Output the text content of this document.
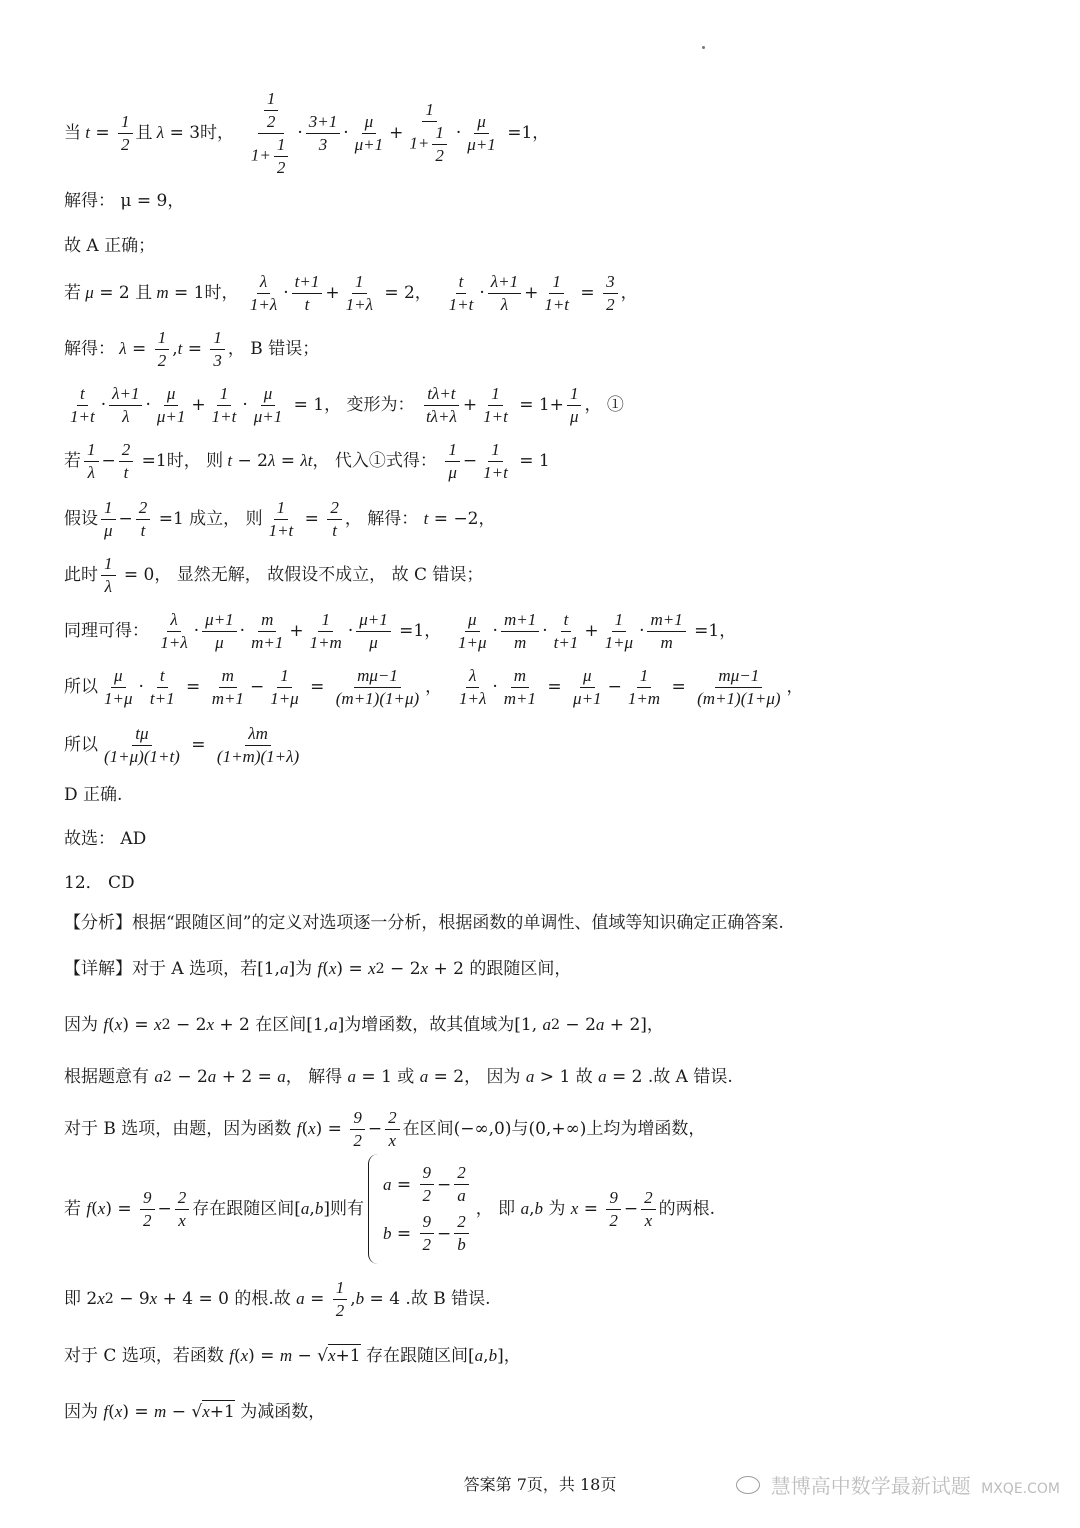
当 $t = \frac{1}{2}$ 且 λ = 3时， $\frac{\frac{1}{2}}{1+ \frac{1}{2}} \cdot \frac{3+1}{3} \cdot \frac{\mu}{\mu+1} + \frac{1}{1+ \frac{1}{2}} \cdot \frac{\mu}{\mu+1} =1$，
解得： μ = 9，
故 A 正确；
若 μ = 2 且 m = 1时， $\frac{\lambda}{1+\lambda} \cdot \frac{t+1}{t} + \frac{1}{1+\lambda} = 2$， $\frac{t}{1+t} \cdot \frac{\lambda+1}{\lambda} + \frac{1}{1+t} = \frac{3}{2}$ ，
解得： $\lambda = \frac{1}{2}$ , $t = \frac{1}{3}$ ， B 错误；
$\frac{t}{1+t} \cdot \frac{\lambda+1}{\lambda} \cdot \frac{\mu}{\mu+1} + \frac{1}{1+t} \cdot \frac{\mu}{\mu+1} = 1$， 变形为： $\frac{t\lambda+t}{t\lambda+\lambda} + \frac{1}{1+t} = 1+ \frac{1}{\mu}$ ， ①
若 $\frac{1}{\lambda} - \frac{2}{t} =1$时， 则 t − 2 λ = λt ， 代入①式得： $\frac{1}{\mu} - \frac{1}{1+t} = 1$
假设 $\frac{1}{\mu} - \frac{2}{t} =1$ 成立， 则 $\frac{1}{1+t} = \frac{2}{t}$ ， 解得： t = −2，
此时 $\frac{1}{\lambda} = 0$， 显然无解， 故假设不成立， 故 C 错误；
同理可得： $\frac{\lambda}{1+\lambda} \cdot \frac{\mu+1}{\mu} \cdot \frac{m}{m+1} + \frac{1}{1+m} \cdot \frac{\mu+1}{\mu} =1$， $\frac{\mu}{1+\mu} \cdot \frac{m+1}{m} \cdot \frac{t}{t+1} + \frac{1}{1+\mu} \cdot \frac{m+1}{m} =1$，
所以 $\frac{\mu}{1+\mu} \cdot \frac{t}{t+1} = \frac{m}{m+1} - \frac{1}{1+\mu} = \frac{m\mu-1}{(m+1)(1+\mu)}$ ， $\frac{\lambda}{1+\lambda} \cdot \frac{m}{m+1} = \frac{\mu}{\mu+1} - \frac{1}{1+m} = \frac{m\mu-1}{(m+1)(1+\mu)}$ ，
所以 $\frac{t\mu}{(1+\mu)(1+t)} = \frac{\lambda m}{(1+m)(1+\lambda)}$
D 正确.
故选： AD
12． CD
【分析】根据“跟随区间”的定义对选项逐一分析，根据函数的单调性、值域等知识确定正确答案.
【详解】对于 A 选项，若[1, a ]为 f ( x ) = x 2 − 2 x + 2 的跟随区间，
因为 f ( x ) = x 2 − 2 x + 2 在区间[1, a ]为增函数，故其值域为[1, a 2 − 2 a + 2]，
根据题意有 a 2 − 2 a + 2 = a ， 解得 a = 1 或 a = 2， 因为 a > 1 故 a = 2 .故 A 错误.
对于 B 选项，由题，因为函数 f ( x ) = $\frac{9}{2} - \frac{2}{x}$ 在区间(−∞,0)与(0,+∞)上均为增函数，
若 f ( x ) = $\frac{9}{2} - \frac{2}{x}$ 存在跟随区间[ a , b ]则有
$a = \frac{9}{2} - \frac{2}{a}$
$b = \frac{9}{2} - \frac{2}{b}$
， 即 a , b 为 $x = \frac{9}{2} - \frac{2}{x}$ 的两根.
即 2 x 2 − 9 x + 4 = 0 的根.故 $a = \frac{1}{2}$ , b = 4 .故 B 错误.
对于 C 选项，若函数 f ( x ) = m − √ x +1 存在跟随区间[ a , b ]，
因为 f ( x ) = m − √ x +1 为减函数，
答案第 7页，共 18页	慧博高中数学最新试题 MXQE.COM
